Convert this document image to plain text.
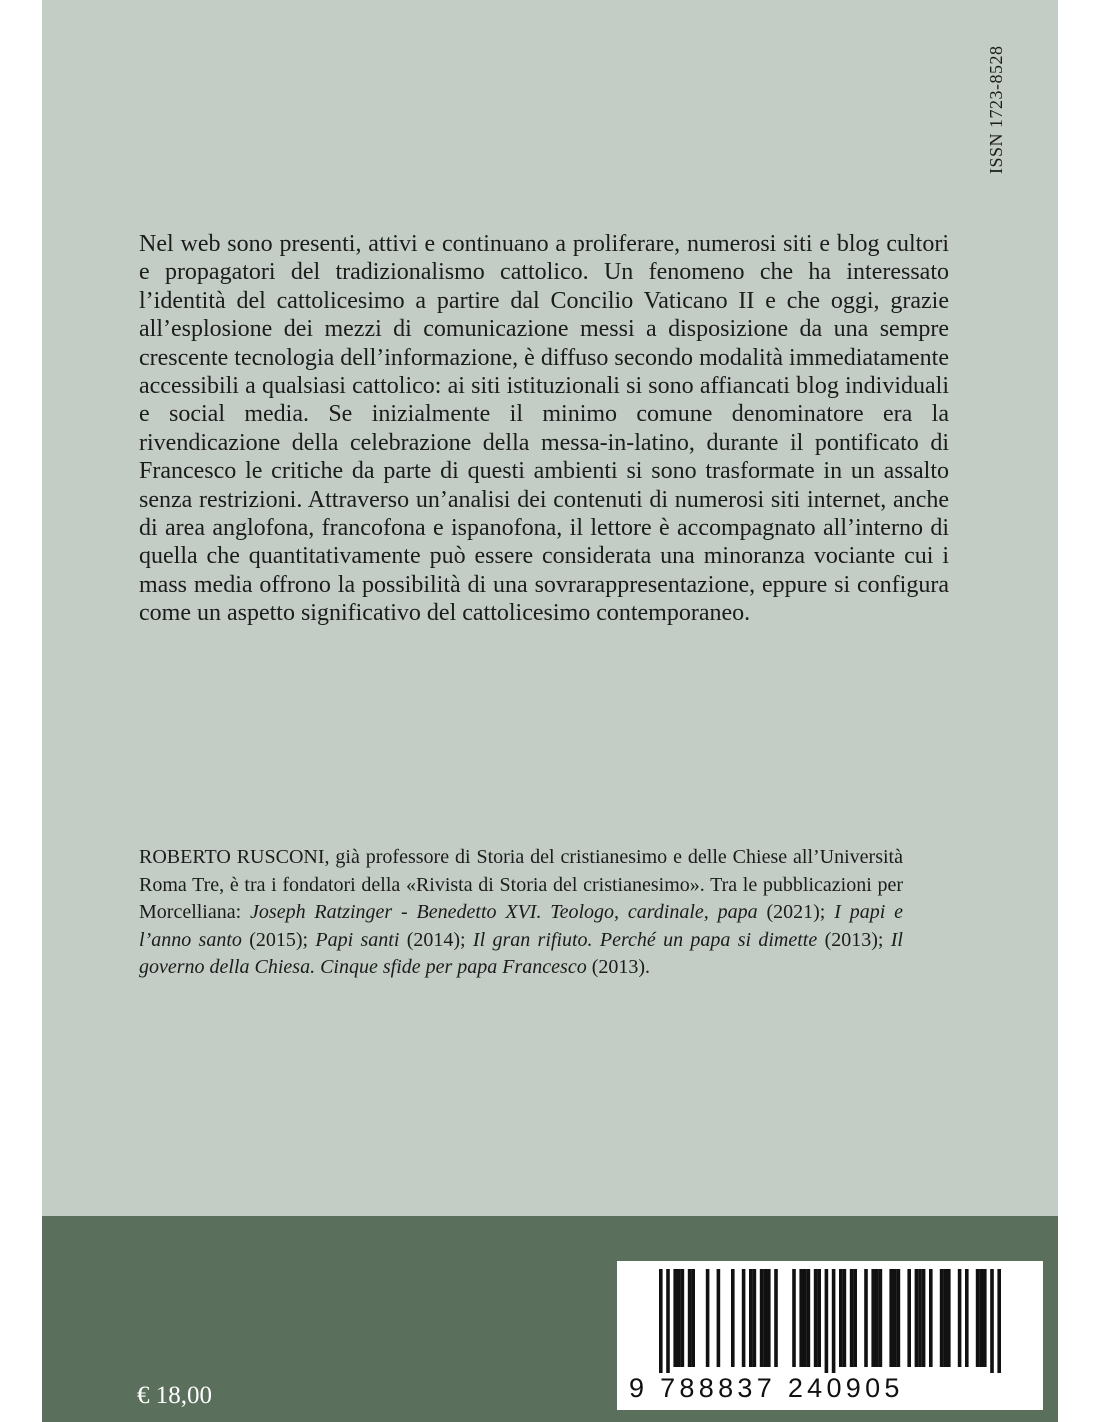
ISSN 1723-8528

Nel web sono presenti, attivi e continuano a proliferare, numerosi siti e blog cultori e propagatori del tradizionalismo cattolico. Un fenomeno che ha interessato l’identità del cattolicesimo a partire dal Concilio Vaticano II e che oggi, grazie all’esplosione dei mezzi di comunicazione messi a disposizione da una sempre crescente tecnologia dell’informazione, è diffuso secondo modalità immediatamente accessibili a qualsiasi cattolico: ai siti istituzionali si sono affiancati blog individuali e social media. Se inizialmente il minimo comune denominatore era la rivendicazione della celebrazione della messa-in-latino, durante il pontificato di Francesco le critiche da parte di questi ambienti si sono trasformate in un assalto senza restrizioni. Attraverso un’analisi dei contenuti di numerosi siti internet, anche di area anglofona, francofona e ispanofona, il lettore è accompagnato all’interno di quella che quantitativamente può essere considerata una minoranza vociante cui i mass media offrono la possibilità di una sovrarappresentazione, eppure si configura come un aspetto significativo del cattolicesimo contemporaneo.

ROBERTO RUSCONI, già professore di Storia del cristianesimo e delle Chiese all’Università Roma Tre, è tra i fondatori della «Rivista di Storia del cristianesimo». Tra le pubblicazioni per Morcelliana: Joseph Ratzinger - Benedetto XVI. Teologo, cardinale, papa (2021); I papi e l’anno santo (2015); Papi santi (2014); Il gran rifiuto. Perché un papa si dimette (2013); Il governo della Chiesa. Cinque sfide per papa Francesco (2013).

€ 18,00	9 788837 240905
